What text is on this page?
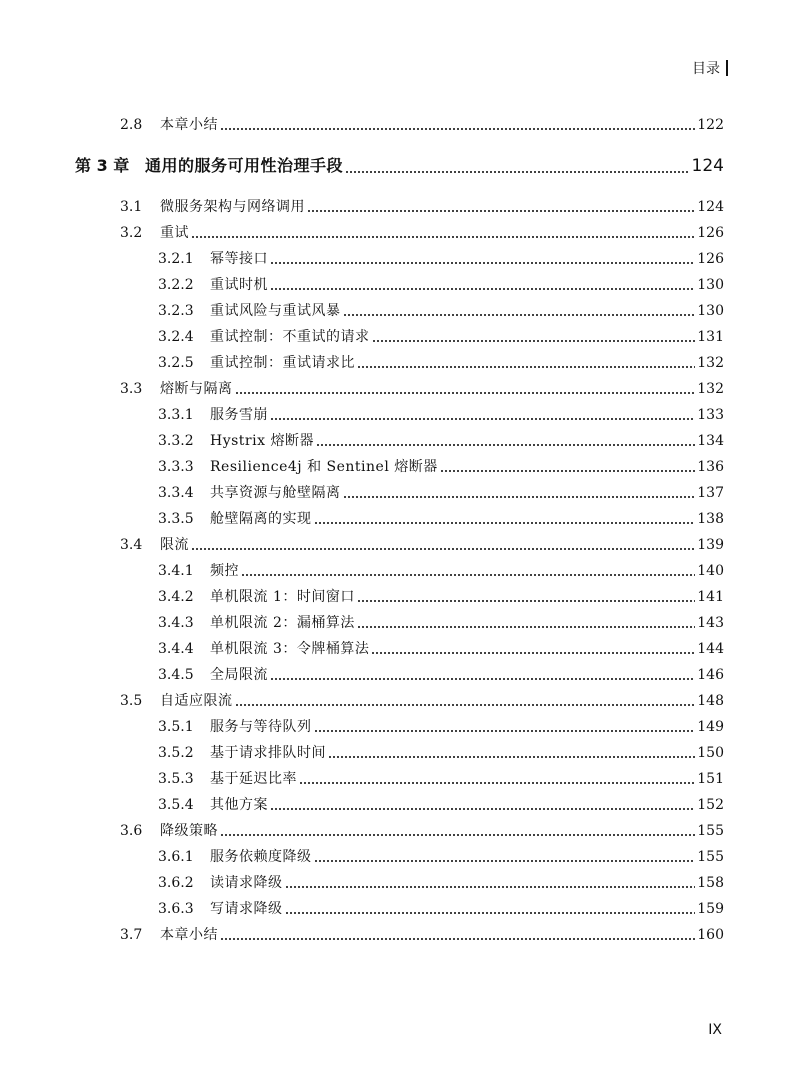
目录
2.8	本章小结	122
第 3 章 通用的服务可用性治理手段	124
3.1	微服务架构与网络调用	124
3.2	重试	126
3.2.1	幂等接口	126
3.2.2	重试时机	130
3.2.3	重试风险与重试风暴	130
3.2.4	重试控制：不重试的请求	131
3.2.5	重试控制：重试请求比	132
3.3	熔断与隔离	132
3.3.1	服务雪崩	133
3.3.2	Hystrix 熔断器	134
3.3.3	Resilience4j 和 Sentinel 熔断器	136
3.3.4	共享资源与舱壁隔离	137
3.3.5	舱壁隔离的实现	138
3.4	限流	139
3.4.1	频控	140
3.4.2	单机限流 1：时间窗口	141
3.4.3	单机限流 2：漏桶算法	143
3.4.4	单机限流 3：令牌桶算法	144
3.4.5	全局限流	146
3.5	自适应限流	148
3.5.1	服务与等待队列	149
3.5.2	基于请求排队时间	150
3.5.3	基于延迟比率	151
3.5.4	其他方案	152
3.6	降级策略	155
3.6.1	服务依赖度降级	155
3.6.2	读请求降级	158
3.6.3	写请求降级	159
3.7	本章小结	160
IX
